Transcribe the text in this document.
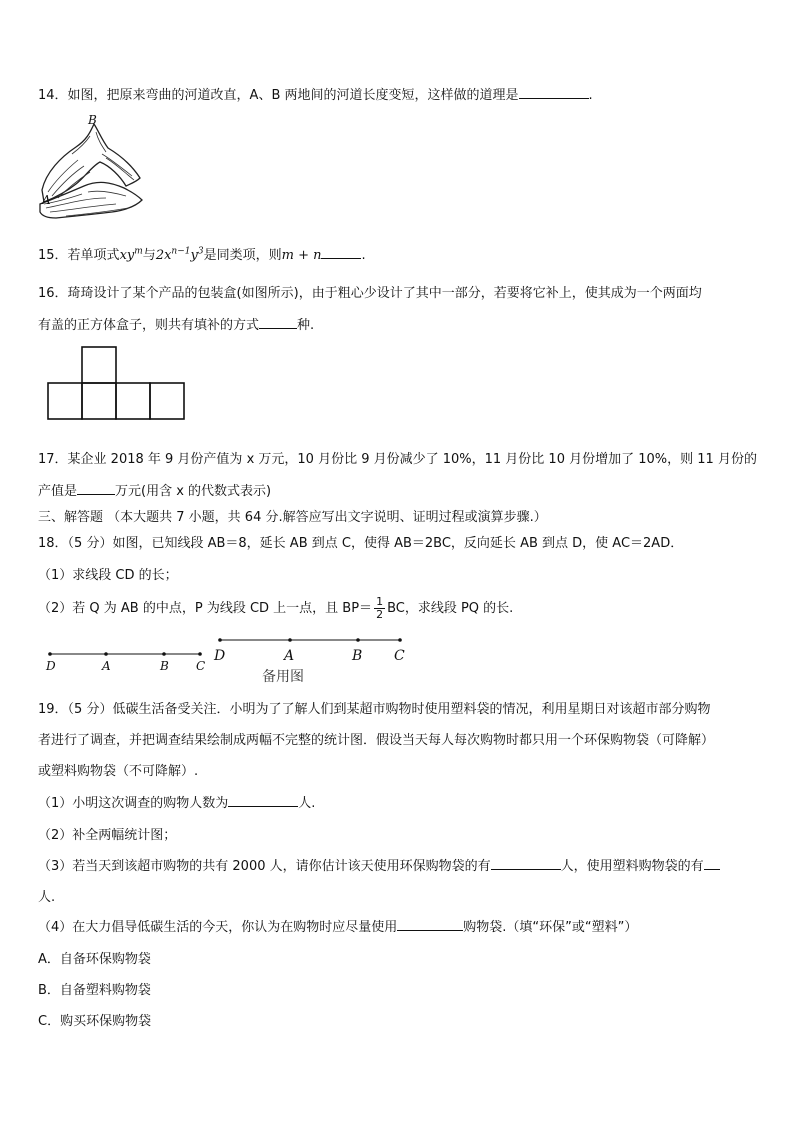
14．如图，把原来弯曲的河道改直，A、B 两地间的河道长度变短，这样做的道理是	.
B
A
15．若单项式$xy^m$与$2x^{n-1}y^3$是同类项，则m + n	.
16．琦琦设计了某个产品的包装盒(如图所示)，由于粗心少设计了其中一部分，若要将它补上，使其成为一个两面均
有盖的正方体盒子，则共有填补的方式	种.
17．某企业 2018 年 9 月份产值为 x 万元，10 月份比 9 月份减少了 10%，11 月份比 10 月份增加了 10%，则 11 月份的
产值是	万元(用含 x 的代数式表示)
三、解答题 （本大题共 7 小题，共 64 分.解答应写出文字说明、证明过程或演算步骤.）
18．（5 分）如图，已知线段 AB＝8，延长 AB 到点 C，使得 AB＝2BC，反向延长 AB 到点 D，使 AC＝2AD．
（1）求线段 CD 的长；
（2）若 Q 为 AB 的中点，P 为线段 CD 上一点，且 $BP= \frac{1}{2}$ BC，求线段 PQ 的长.
D	A	B C
D	A	B C
备用图
19．（5 分）低碳生活备受关注．小明为了了解人们到某超市购物时使用塑料袋的情况，利用星期日对该超市部分购物
者进行了调查，并把调查结果绘制成两幅不完整的统计图．假设当天每人每次购物时都只用一个环保购物袋（可降解）
或塑料购物袋（不可降解）.
（1）小明这次调查的购物人数为	人.
（2）补全两幅统计图；
（3）若当天到该超市购物的共有 2000 人，请你估计该天使用环保购物袋的有	人，使用塑料购物袋的有
人.
（4）在大力倡导低碳生活的今天，你认为在购物时应尽量使用	购物袋.（填“环保”或“塑料”）
A．自备环保购物袋
B．自备塑料购物袋
C．购买环保购物袋
